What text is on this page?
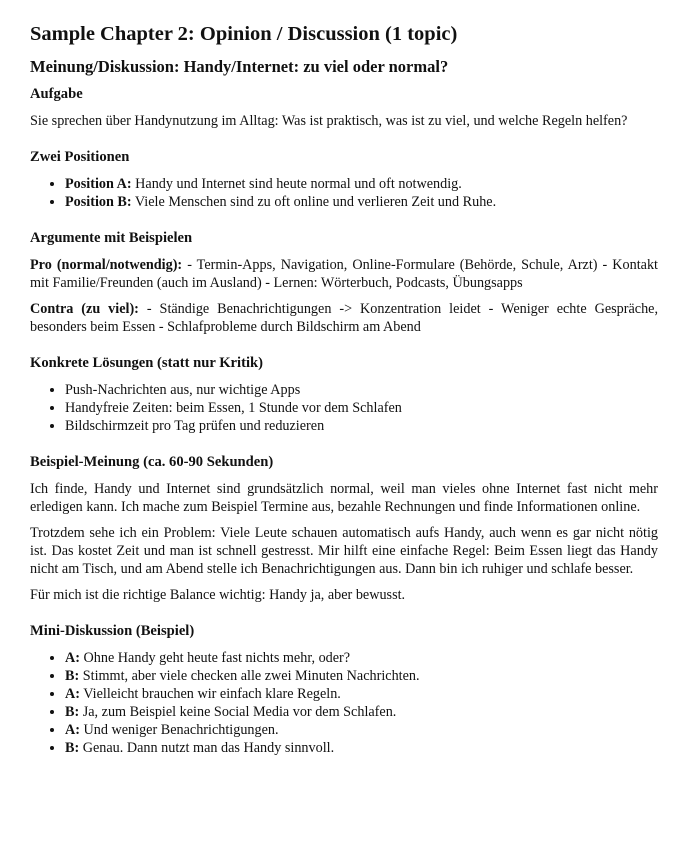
Sample Chapter 2: Opinion / Discussion (1 topic)
Meinung/Diskussion: Handy/Internet: zu viel oder normal?
Aufgabe

Sie sprechen über Handynutzung im Alltag: Was ist praktisch, was ist zu viel, und welche Regeln helfen?

Zwei Positionen
• Position A: Handy und Internet sind heute normal und oft notwendig.
• Position B: Viele Menschen sind zu oft online und verlieren Zeit und Ruhe.
Argumente mit Beispielen

Pro (normal/notwendig): - Termin-Apps, Navigation, Online-Formulare (Behörde, Schule, Arzt) - Kontakt mit Familie/Freunden (auch im Ausland) - Lernen: Wörterbuch, Podcasts, Übungsapps

Contra (zu viel): - Ständige Benachrichtigungen -> Konzentration leidet - Weniger echte Gespräche, besonders beim Essen - Schlafprobleme durch Bildschirm am Abend

Konkrete Lösungen (statt nur Kritik)
• Push-Nachrichten aus, nur wichtige Apps
• Handyfreie Zeiten: beim Essen, 1 Stunde vor dem Schlafen
• Bildschirmzeit pro Tag prüfen und reduzieren
Beispiel-Meinung (ca. 60-90 Sekunden)

Ich finde, Handy und Internet sind grundsätzlich normal, weil man vieles ohne Internet fast nicht mehr erledigen kann. Ich mache zum Beispiel Termine aus, bezahle Rechnungen und finde Informationen online.

Trotzdem sehe ich ein Problem: Viele Leute schauen automatisch aufs Handy, auch wenn es gar nicht nötig ist. Das kostet Zeit und man ist schnell gestresst. Mir hilft eine einfache Regel: Beim Essen liegt das Handy nicht am Tisch, und am Abend stelle ich Benachrichtigungen aus. Dann bin ich ruhiger und schlafe besser.

Für mich ist die richtige Balance wichtig: Handy ja, aber bewusst.

Mini-Diskussion (Beispiel)
• A: Ohne Handy geht heute fast nichts mehr, oder?
• B: Stimmt, aber viele checken alle zwei Minuten Nachrichten.
• A: Vielleicht brauchen wir einfach klare Regeln.
• B: Ja, zum Beispiel keine Social Media vor dem Schlafen.
• A: Und weniger Benachrichtigungen.
• B: Genau. Dann nutzt man das Handy sinnvoll.
